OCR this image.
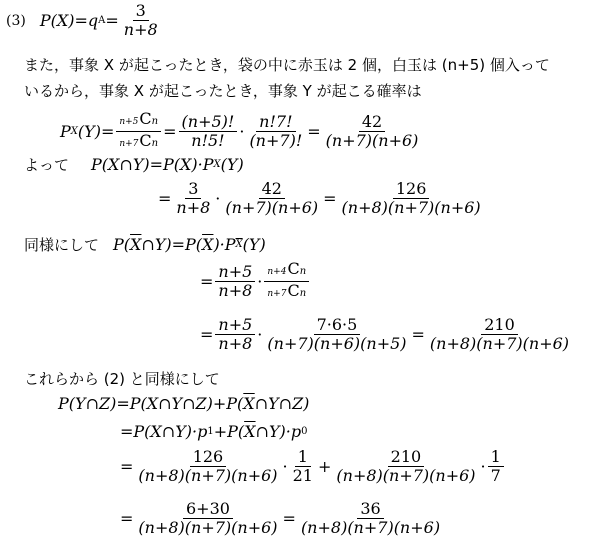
(3) P(X)=q $A = \frac{3}{n+8}$
また，事象 X が起こったとき，袋の中に赤玉は 2 個，白玉は (n+5) 個入って
いるから，事象 X が起こったとき，事象 Y が起こる確率は
P X $(Y)= \frac{n+5Cn}{n+7Cn} = \frac{(n+5)!}{n!5!} \cdot \frac{n!7!}{(n+7)!} = \frac{42}{(n+7)(n+6)}$
よって P(X∩Y)=P(X)·P X (Y)
= $\frac{3}{n+8} \cdot \frac{42}{(n+7)(n+6)} = \frac{126}{(n+8)(n+7)(n+6)}$
同様にして P( $\overline{X}$ ∩Y)=P( $\overline{X}$ )·P $\overline{X}$ (Y)
= $\frac{n+5}{n+8} \cdot n+4Cn$
n+7Cn
= $\frac{n+5}{n+8} \cdot \frac{7\cdot 6\cdot 5}{(n+7)(n+6)(n+5)} = \frac{210}{(n+8)(n+7)(n+6)}$
これらから (2) と同様にして
P(Y∩Z)=P(X∩Y∩Z)+P( $\overline{X}$ ∩Y∩Z)
=P(X∩Y)·p 1 +P( $\overline{X}$ ∩Y)·p 0
= $\frac{126}{(n+8)(n+7)(n+6)} \cdot \frac{1}{21} + \frac{210}{(n+8)(n+7)(n+6)} \cdot \frac{1}{7}$
= $\frac{6+30}{(n+8)(n+7)(n+6)} = \frac{36}{(n+8)(n+7)(n+6)}$
